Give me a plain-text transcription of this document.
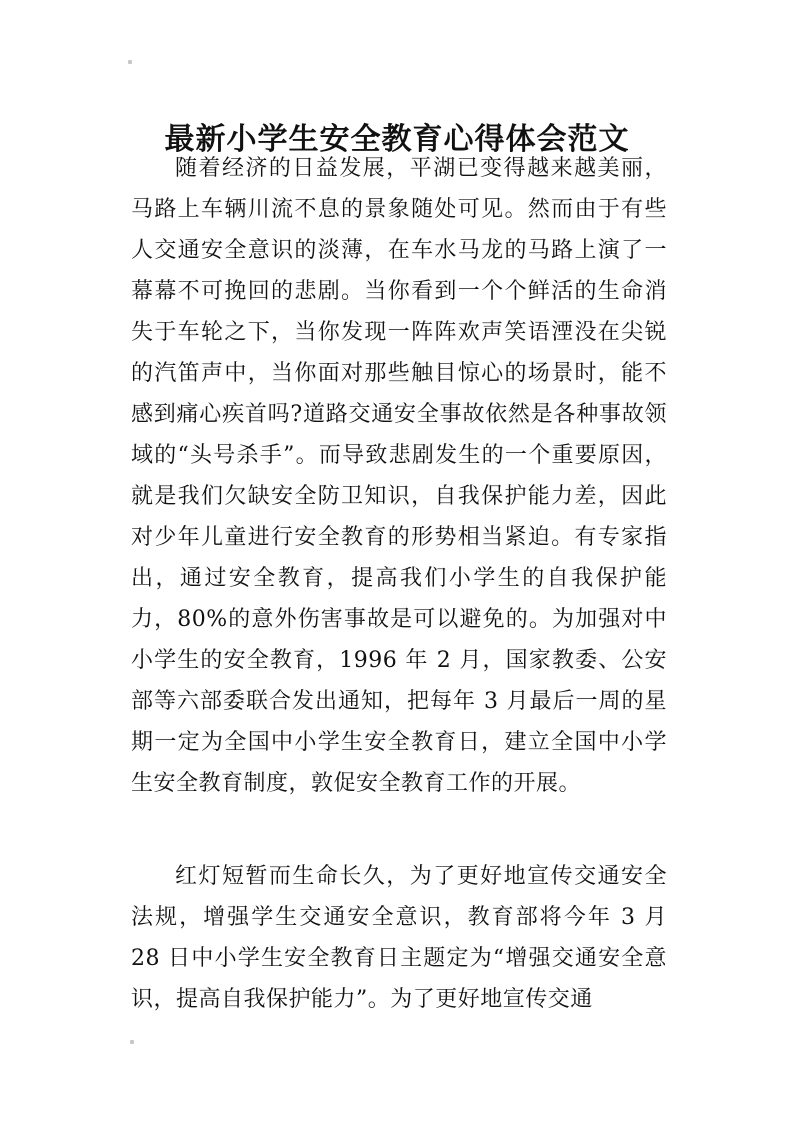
最新小学生安全教育心得体会范文

随着经济的日益发展，平湖已变得越来越美丽，马路上车辆川流不息的景象随处可见。然而由于有些人交通安全意识的淡薄，在车水马龙的马路上演了一幕幕不可挽回的悲剧。当你看到一个个鲜活的生命消失于车轮之下，当你发现一阵阵欢声笑语湮没在尖锐的汽笛声中，当你面对那些触目惊心的场景时，能不感到痛心疾首吗?道路交通安全事故依然是各种事故领域的“头号杀手”。而导致悲剧发生的一个重要原因，就是我们欠缺安全防卫知识，自我保护能力差，因此对少年儿童进行安全教育的形势相当紧迫。有专家指出，通过安全教育，提高我们小学生的自我保护能力，80%的意外伤害事故是可以避免的。为加强对中小学生的安全教育，1996 年 2 月，国家教委、公安部等六部委联合发出通知，把每年 3 月最后一周的星期一定为全国中小学生安全教育日，建立全国中小学生安全教育制度，敦促安全教育工作的开展。

红灯短暂而生命长久，为了更好地宣传交通安全法规，增强学生交通安全意识，教育部将今年 3 月 28 日中小学生安全教育日主题定为“增强交通安全意识，提高自我保护能力”。为了更好地宣传交通
